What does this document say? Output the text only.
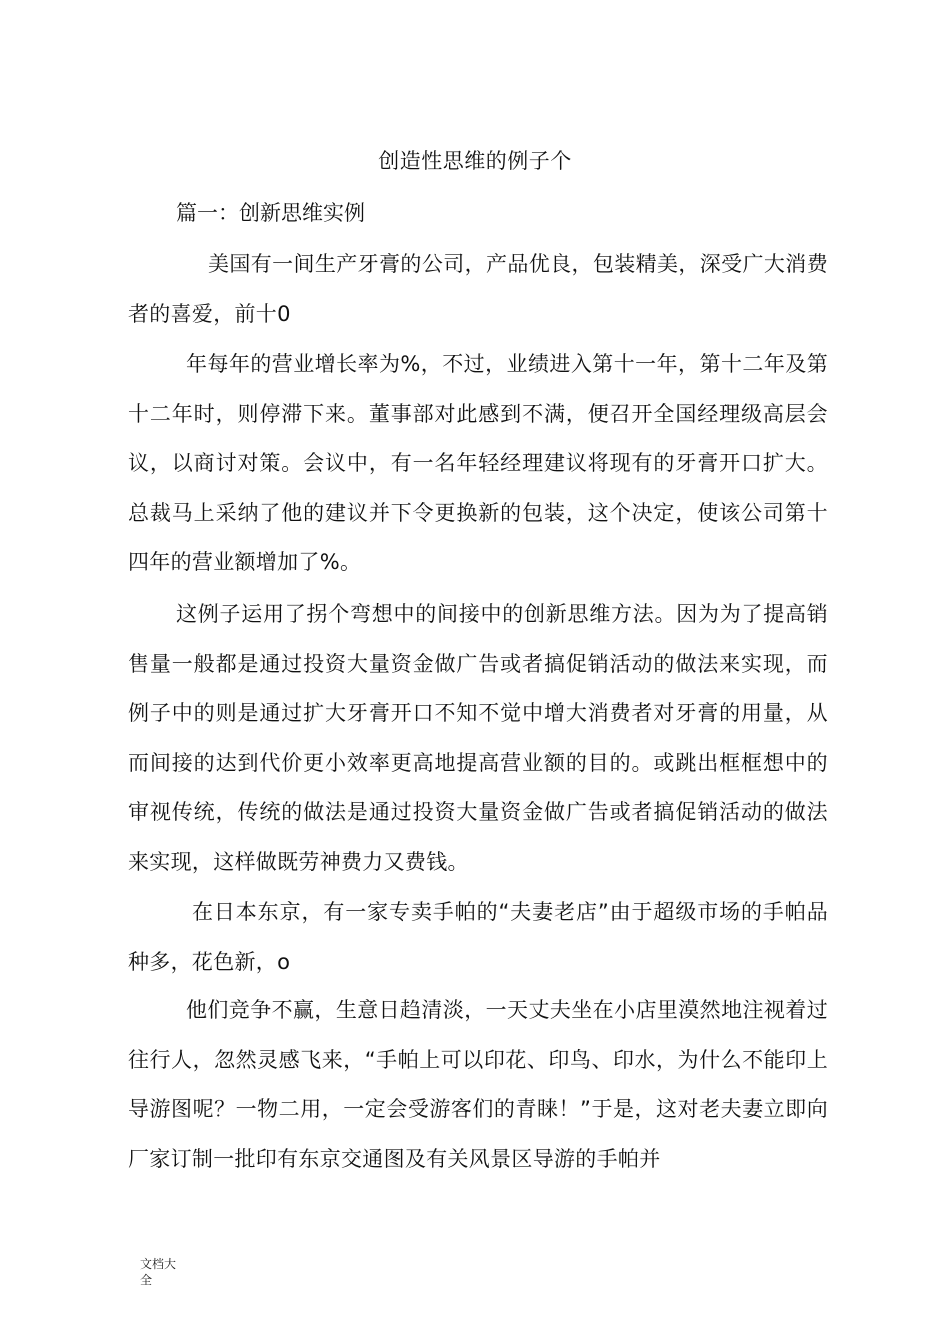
创造性思维的例子个
篇一：创新思维实例

美国有一间生产牙膏的公司，产品优良，包装精美，深受广大消费者的喜爱，前十0

年每年的营业增长率为%，不过，业绩进入第十一年，第十二年及第十二年时，则停滞下来。董事部对此感到不满，便召开全国经理级高层会议，以商讨对策。会议中，有一名年轻经理建议将现有的牙膏开口扩大。总裁马上采纳了他的建议并下令更换新的包装，这个决定，使该公司第十四年的营业额增加了%。

这例子运用了拐个弯想中的间接中的创新思维方法。因为为了提高销售量一般都是通过投资大量资金做广告或者搞促销活动的做法来实现，而例子中的则是通过扩大牙膏开口不知不觉中增大消费者对牙膏的用量，从而间接的达到代价更小效率更高地提高营业额的目的。或跳出框框想中的审视传统，传统的做法是通过投资大量资金做广告或者搞促销活动的做法来实现，这样做既劳神费力又费钱。

在日本东京，有一家专卖手帕的“夫妻老店”由于超级市场的手帕品种多，花色新，o

他们竞争不赢，生意日趋清淡，一天丈夫坐在小店里漠然地注视着过往行人，忽然灵感飞来，“手帕上可以印花、印鸟、印水，为什么不能印上导游图呢？一物二用，一定会受游客们的青睐！”于是，这对老夫妻立即向厂家订制一批印有东京交通图及有关风景区导游的手帕并

文档大全
